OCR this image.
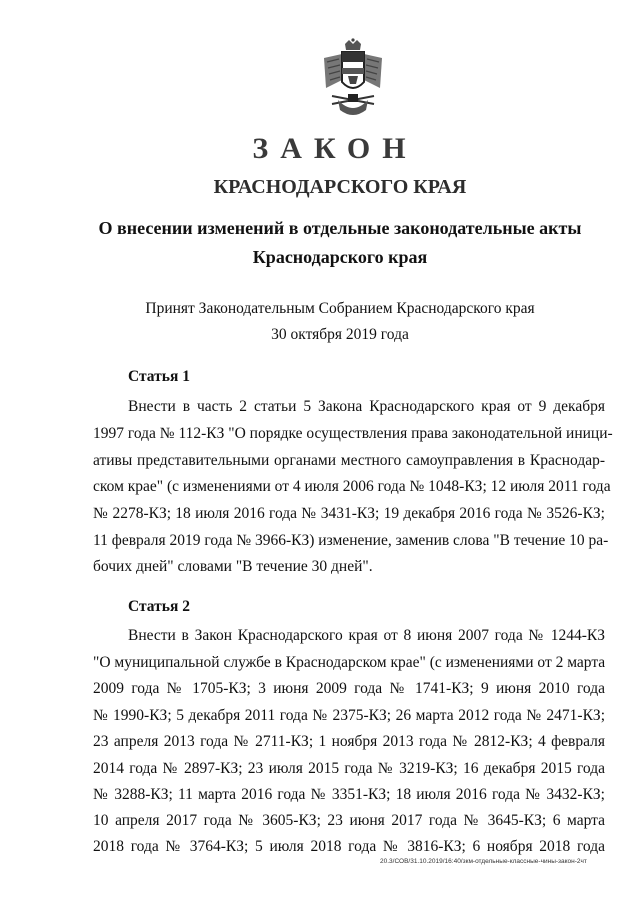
ЗАКОН
КРАСНОДАРСКОГО КРАЯ
О внесении изменений в отдельные законодательные акты
Краснодарского края
Принят Законодательным Собранием Краснодарского края
30 октября 2019 года
Статья 1
Внести в часть 2 статьи 5 Закона Краснодарского края от 9 декабря
1997 года № 112-КЗ "О порядке осуществления права законодательной иници-
ативы представительными органами местного самоуправления в Краснодар-
ском крае" (с изменениями от 4 июля 2006 года № 1048-КЗ; 12 июля 2011 года
№ 2278-КЗ; 18 июля 2016 года № 3431-КЗ; 19 декабря 2016 года № 3526-КЗ;
11 февраля 2019 года № 3966-КЗ) изменение, заменив слова "В течение 10 ра-
бочих дней" словами "В течение 30 дней".
Статья 2
Внести в Закон Краснодарского края от 8 июня 2007 года № 1244-КЗ
"О муниципальной службе в Краснодарском крае" (с изменениями от 2 марта
2009 года № 1705-КЗ; 3 июня 2009 года № 1741-КЗ; 9 июня 2010 года
№ 1990-КЗ; 5 декабря 2011 года № 2375-КЗ; 26 марта 2012 года № 2471-КЗ;
23 апреля 2013 года № 2711-КЗ; 1 ноября 2013 года № 2812-КЗ; 4 февраля
2014 года № 2897-КЗ; 23 июля 2015 года № 3219-КЗ; 16 декабря 2015 года
№ 3288-КЗ; 11 марта 2016 года № 3351-КЗ; 18 июля 2016 года № 3432-КЗ;
10 апреля 2017 года № 3605-КЗ; 23 июня 2017 года № 3645-КЗ; 6 марта
2018 года № 3764-КЗ; 5 июля 2018 года № 3816-КЗ; 6 ноября 2018 года
20.3/СОВ/31.10.2019/16:40/зкм-отдельные-классные-чины-закон-2чт
